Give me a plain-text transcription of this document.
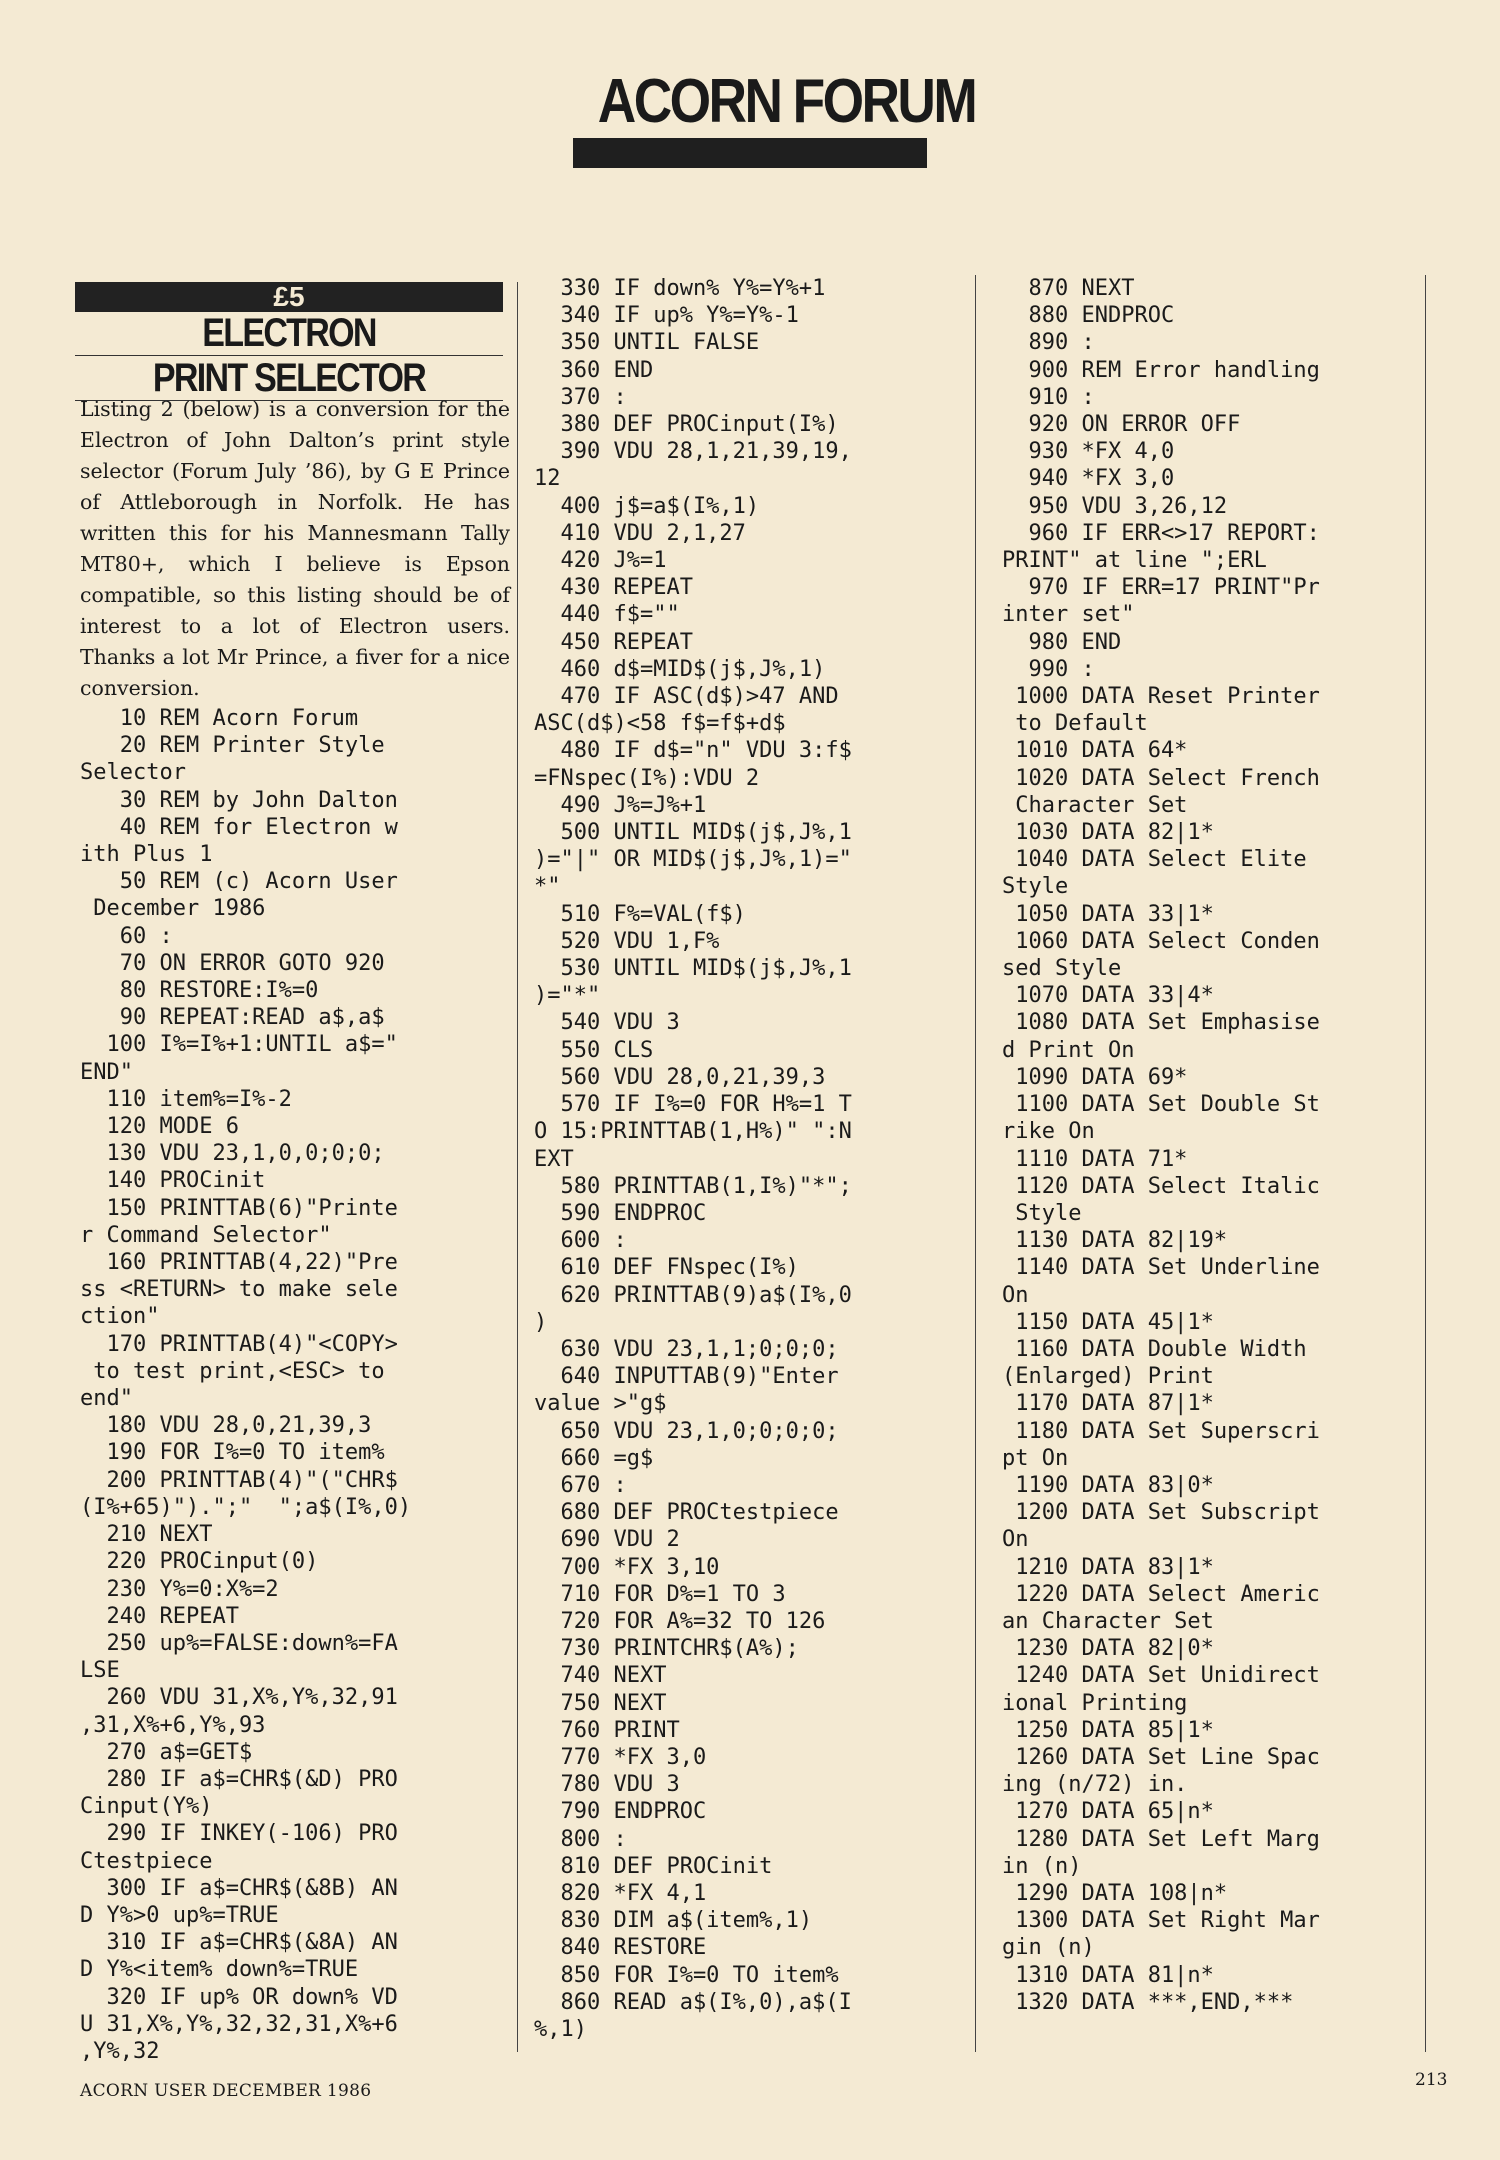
ACORN FORUM
£5
ELECTRON
PRINT SELECTOR
Listing 2 (below) is a conversion for the Electron of John Dalton’s print style selector (Forum July ’86), by G E Prince of Attleborough in Norfolk. He has written this for his Mannesmann Tally MT80+, which I believe is Epson compatible, so this listing should be of interest to a lot of Electron users. Thanks a lot Mr Prince, a fiver for a nice conversion.
10 REM Acorn Forum
20 REM Printer Style
Selector
30 REM by John Dalton
40 REM for Electron w
ith Plus 1
50 REM (c) Acorn User
December 1986
60 :
70 ON ERROR GOTO 920
80 RESTORE:I%=0
90 REPEAT:READ a$,a$
100 I%=I%+1:UNTIL a$="
END"
110 item%=I%-2
120 MODE 6
130 VDU 23,1,0,0;0;0;
140 PROCinit
150 PRINTTAB(6)"Printe
r Command Selector"
160 PRINTTAB(4,22)"Pre
ss <RETURN> to make sele
ction"
170 PRINTTAB(4)"<COPY>
to test print,<ESC> to
end"
180 VDU 28,0,21,39,3
190 FOR I%=0 TO item%
200 PRINTTAB(4)"("CHR$
(I%+65)").";"  ";a$(I%,0)
210 NEXT
220 PROCinput(0)
230 Y%=0:X%=2
240 REPEAT
250 up%=FALSE:down%=FA
LSE
260 VDU 31,X%,Y%,32,91
,31,X%+6,Y%,93
270 a$=GET$
280 IF a$=CHR$(&D) PRO
Cinput(Y%)
290 IF INKEY(-106) PRO
Ctestpiece
300 IF a$=CHR$(&8B) AN
D Y%>0 up%=TRUE
310 IF a$=CHR$(&8A) AN
D Y%<item% down%=TRUE
320 IF up% OR down% VD
U 31,X%,Y%,32,32,31,X%+6
,Y%,32
330 IF down% Y%=Y%+1
340 IF up% Y%=Y%-1
350 UNTIL FALSE
360 END
370 :
380 DEF PROCinput(I%)
390 VDU 28,1,21,39,19,
12
400 j$=a$(I%,1)
410 VDU 2,1,27
420 J%=1
430 REPEAT
440 f$=""
450 REPEAT
460 d$=MID$(j$,J%,1)
470 IF ASC(d$)>47 AND
ASC(d$)<58 f$=f$+d$
480 IF d$="n" VDU 3:f$
=FNspec(I%):VDU 2
490 J%=J%+1
500 UNTIL MID$(j$,J%,1
)="|" OR MID$(j$,J%,1)="
*"
510 F%=VAL(f$)
520 VDU 1,F%
530 UNTIL MID$(j$,J%,1
)="*"
540 VDU 3
550 CLS
560 VDU 28,0,21,39,3
570 IF I%=0 FOR H%=1 T
O 15:PRINTTAB(1,H%)" ":N
EXT
580 PRINTTAB(1,I%)"*";
590 ENDPROC
600 :
610 DEF FNspec(I%)
620 PRINTTAB(9)a$(I%,0
)
630 VDU 23,1,1;0;0;0;
640 INPUTTAB(9)"Enter
value >"g$
650 VDU 23,1,0;0;0;0;
660 =g$
670 :
680 DEF PROCtestpiece
690 VDU 2
700 *FX 3,10
710 FOR D%=1 TO 3
720 FOR A%=32 TO 126
730 PRINTCHR$(A%);
740 NEXT
750 NEXT
760 PRINT
770 *FX 3,0
780 VDU 3
790 ENDPROC
800 :
810 DEF PROCinit
820 *FX 4,1
830 DIM a$(item%,1)
840 RESTORE
850 FOR I%=0 TO item%
860 READ a$(I%,0),a$(I
%,1)
870 NEXT
880 ENDPROC
890 :
900 REM Error handling
910 :
920 ON ERROR OFF
930 *FX 4,0
940 *FX 3,0
950 VDU 3,26,12
960 IF ERR<>17 REPORT:
PRINT" at line ";ERL
970 IF ERR=17 PRINT"Pr
inter set"
980 END
990 :
1000 DATA Reset Printer
to Default
1010 DATA 64*
1020 DATA Select French
Character Set
1030 DATA 82|1*
1040 DATA Select Elite
Style
1050 DATA 33|1*
1060 DATA Select Conden
sed Style
1070 DATA 33|4*
1080 DATA Set Emphasise
d Print On
1090 DATA 69*
1100 DATA Set Double St
rike On
1110 DATA 71*
1120 DATA Select Italic
Style
1130 DATA 82|19*
1140 DATA Set Underline
On
1150 DATA 45|1*
1160 DATA Double Width
(Enlarged) Print
1170 DATA 87|1*
1180 DATA Set Superscri
pt On
1190 DATA 83|0*
1200 DATA Set Subscript
On
1210 DATA 83|1*
1220 DATA Select Americ
an Character Set
1230 DATA 82|0*
1240 DATA Set Unidirect
ional Printing
1250 DATA 85|1*
1260 DATA Set Line Spac
ing (n/72) in.
1270 DATA 65|n*
1280 DATA Set Left Marg
in (n)
1290 DATA 108|n*
1300 DATA Set Right Mar
gin (n)
1310 DATA 81|n*
1320 DATA ***,END,***
ACORN USER DECEMBER 1986
213
